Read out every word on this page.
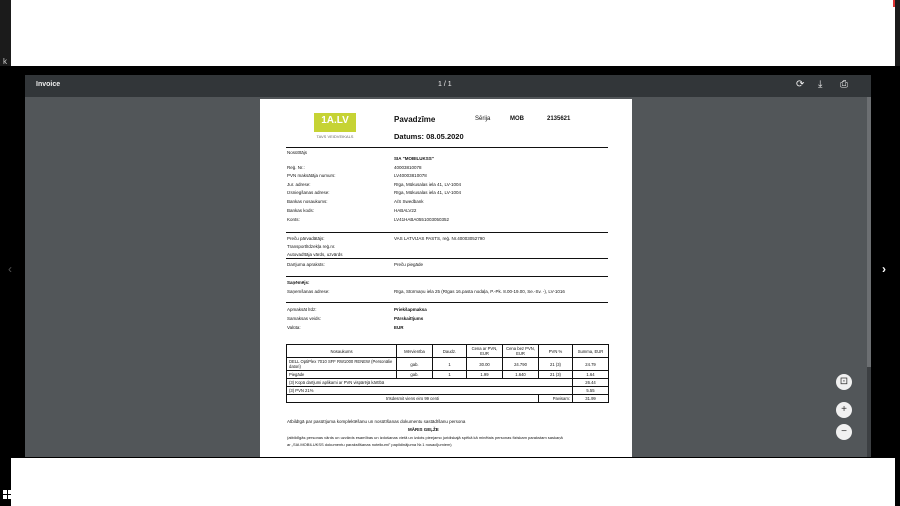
k
‹	›
Invoice	1 / 1	⟳ ⤓ ⎙
1A.LV
TAVS VEIDVEIKALS
Pavadzīme	Sērija	MOB	2135621
Datums: 08.05.2020
Nosūtītājs
SIA "MOBILUKSS"
Reģ. Nr.:	40003810078
PVN maksātāja numurs:	LV40003810078
Jur. adrese:	Rīga, Mūkusalas iela 41, LV-1004
Izsniegšanas adrese:	Rīga, Mūkusalas iela 41, LV-1004
Bankas nosaukums:	A/S Swedbank
Bankas kods:	HABALV22
Konts:	LV41HABA0551003050352
Preču pārvadātājs:	VAS LATVIJAS PASTS, reģ. Nr.40003052790
Transportlīdzekļa reģ.nr.
Autovadītāja vārds, uzvārds
Darījuma apraksts:	Preču piegāde
Saņēmējs:
Saņemšanas adrese:	Rīga, Stūrmaņu iela 25 (Rīgas 16.pasta nodaļa, P.-Pk. 8.00-19.00, Se.-Sv. -), LV-1016
Apmaksāt līdz:	Priekšapmaksa
Samaksas veids:	Pārskaitījums
Valūta:	EUR
Nosaukums	Mērvienība	Daudz.	Cena ar PVN, EUR	Cena bez PVN, EUR	PVN %	Summa, EUR
DELL OptiPlex 7010 SFF RW1000 RENEW (Personālie datori)	gab.	1	30.00	24.790	21 (3)	24.79
Piegāde	gab.	1	1.99	1.640	21 (3)	1.64
(3) Kopā darījumi aplikami ar PVN vispārējā kārtībā						26.44
(3) PVN 21%						5.55
trīsdesmit viens eiro 99 centi					Pavisam:	31.99
Atbildīgā par pasūtījuma komplektēšanu un nosūtīšanas dokumentu sastādīšanu persona
MĀRIS GEĻŽE
(atbildīgās personas vārds un uzvārds esamības un izdošanas vietā un izdots pieejamo juridiskajā spēkā kā minētais personas fiziskam parakstam saskaņā
ar „SIA MOBILUKSS dokumentu parakstīšanas noteikumi" papildinājuma Nr.1 nosacījumiem)
⊡
+
−
